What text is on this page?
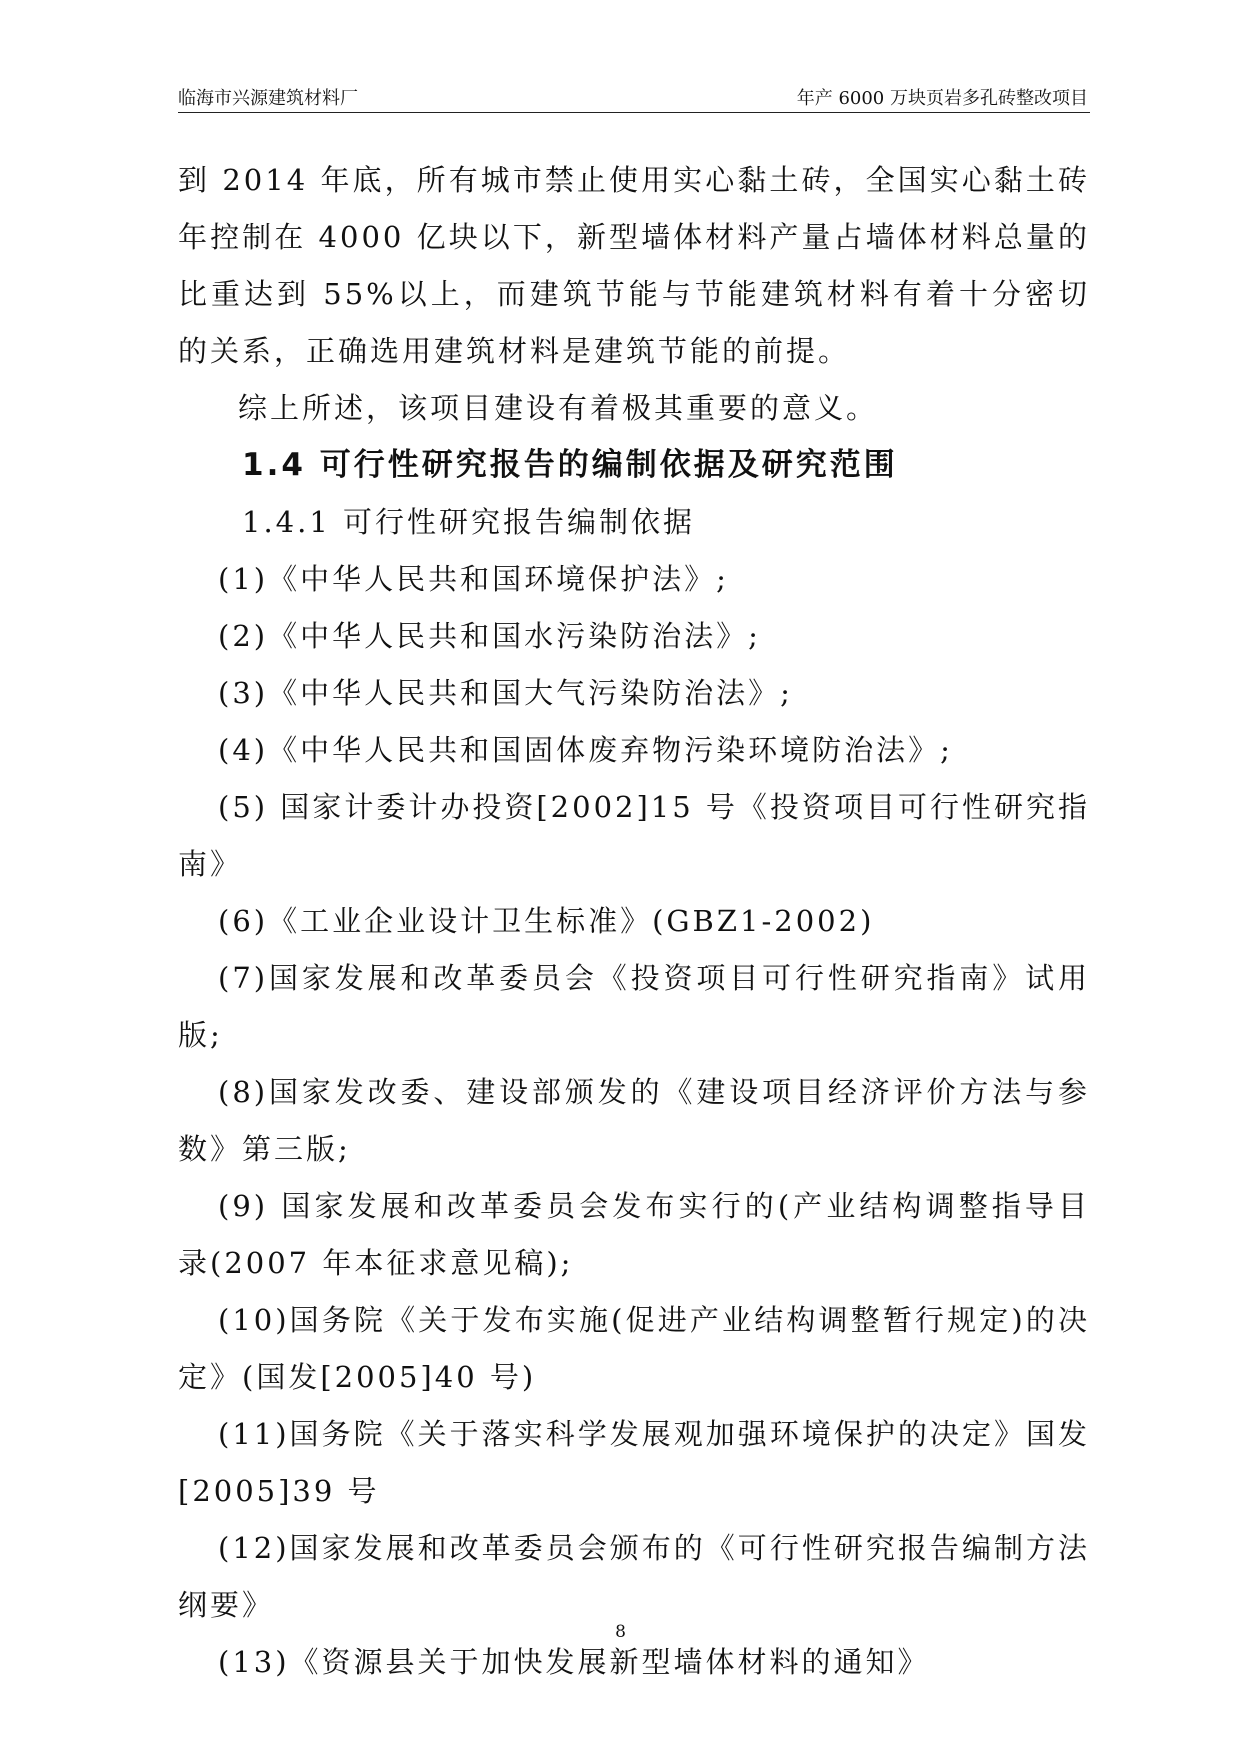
临海市兴源建筑材料厂	年产 6000 万块页岩多孔砖整改项目

到 2014 年底，所有城市禁止使用实心黏土砖，全国实心黏土砖年控制在 4000 亿块以下，新型墙体材料产量占墙体材料总量的比重达到 55%以上，而建筑节能与节能建筑材料有着十分密切的关系，正确选用建筑材料是建筑节能的前提。

综上所述，该项目建设有着极其重要的意义。

1.4 可行性研究报告的编制依据及研究范围

1.4.1 可行性研究报告编制依据

(1)《中华人民共和国环境保护法》;

(2)《中华人民共和国水污染防治法》;

(3)《中华人民共和国大气污染防治法》;

(4)《中华人民共和国固体废弃物污染环境防治法》;

(5) 国家计委计办投资[2002]15 号《投资项目可行性研究指南》

(6)《工业企业设计卫生标准》(GBZ1-2002)

(7)国家发展和改革委员会《投资项目可行性研究指南》试用版;

(8)国家发改委、建设部颁发的《建设项目经济评价方法与参数》第三版;

(9) 国家发展和改革委员会发布实行的(产业结构调整指导目录(2007 年本征求意见稿);

(10)国务院《关于发布实施(促进产业结构调整暂行规定)的决定》(国发[2005]40 号)

(11)国务院《关于落实科学发展观加强环境保护的决定》国发[2005]39 号

(12)国家发展和改革委员会颁布的《可行性研究报告编制方法纲要》

(13)《资源县关于加快发展新型墙体材料的通知》

8
